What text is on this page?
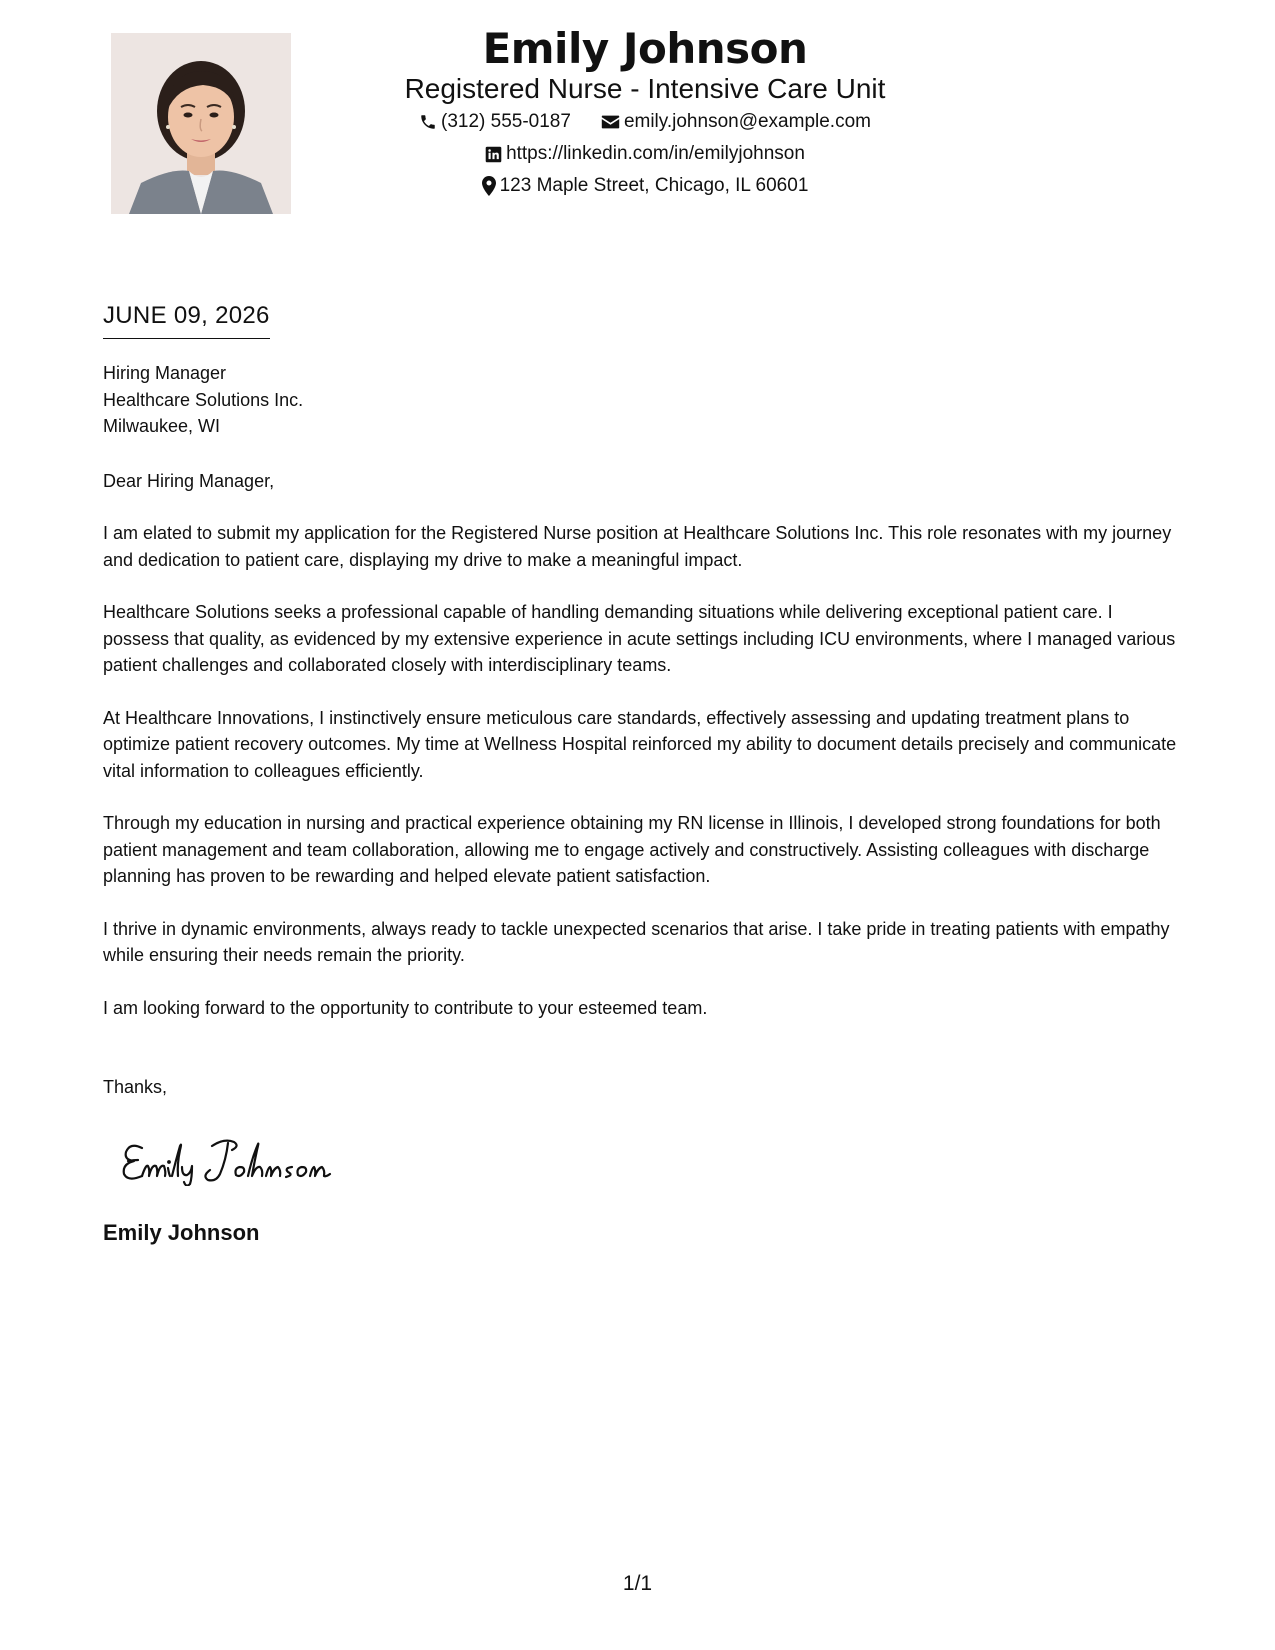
Emily Johnson
Registered Nurse - Intensive Care Unit
(312) 555-0187	emily.johnson@example.com
https://linkedin.com/in/emilyjohnson
123 Maple Street, Chicago, IL 60601
JUNE 09, 2026
Hiring Manager
Healthcare Solutions Inc.
Milwaukee, WI
Dear Hiring Manager,

I am elated to submit my application for the Registered Nurse position at Healthcare Solutions Inc. This role resonates with my journey and dedication to patient care, displaying my drive to make a meaningful impact.

Healthcare Solutions seeks a professional capable of handling demanding situations while delivering exceptional patient care. I possess that quality, as evidenced by my extensive experience in acute settings including ICU environments, where I managed various patient challenges and collaborated closely with interdisciplinary teams.

At Healthcare Innovations, I instinctively ensure meticulous care standards, effectively assessing and updating treatment plans to optimize patient recovery outcomes. My time at Wellness Hospital reinforced my ability to document details precisely and communicate vital information to colleagues efficiently.

Through my education in nursing and practical experience obtaining my RN license in Illinois, I developed strong foundations for both patient management and team collaboration, allowing me to engage actively and constructively. Assisting colleagues with discharge planning has proven to be rewarding and helped elevate patient satisfaction.

I thrive in dynamic environments, always ready to tackle unexpected scenarios that arise. I take pride in treating patients with empathy while ensuring their needs remain the priority.

I am looking forward to the opportunity to contribute to your esteemed team.

Thanks,
Emily Johnson
1/1
